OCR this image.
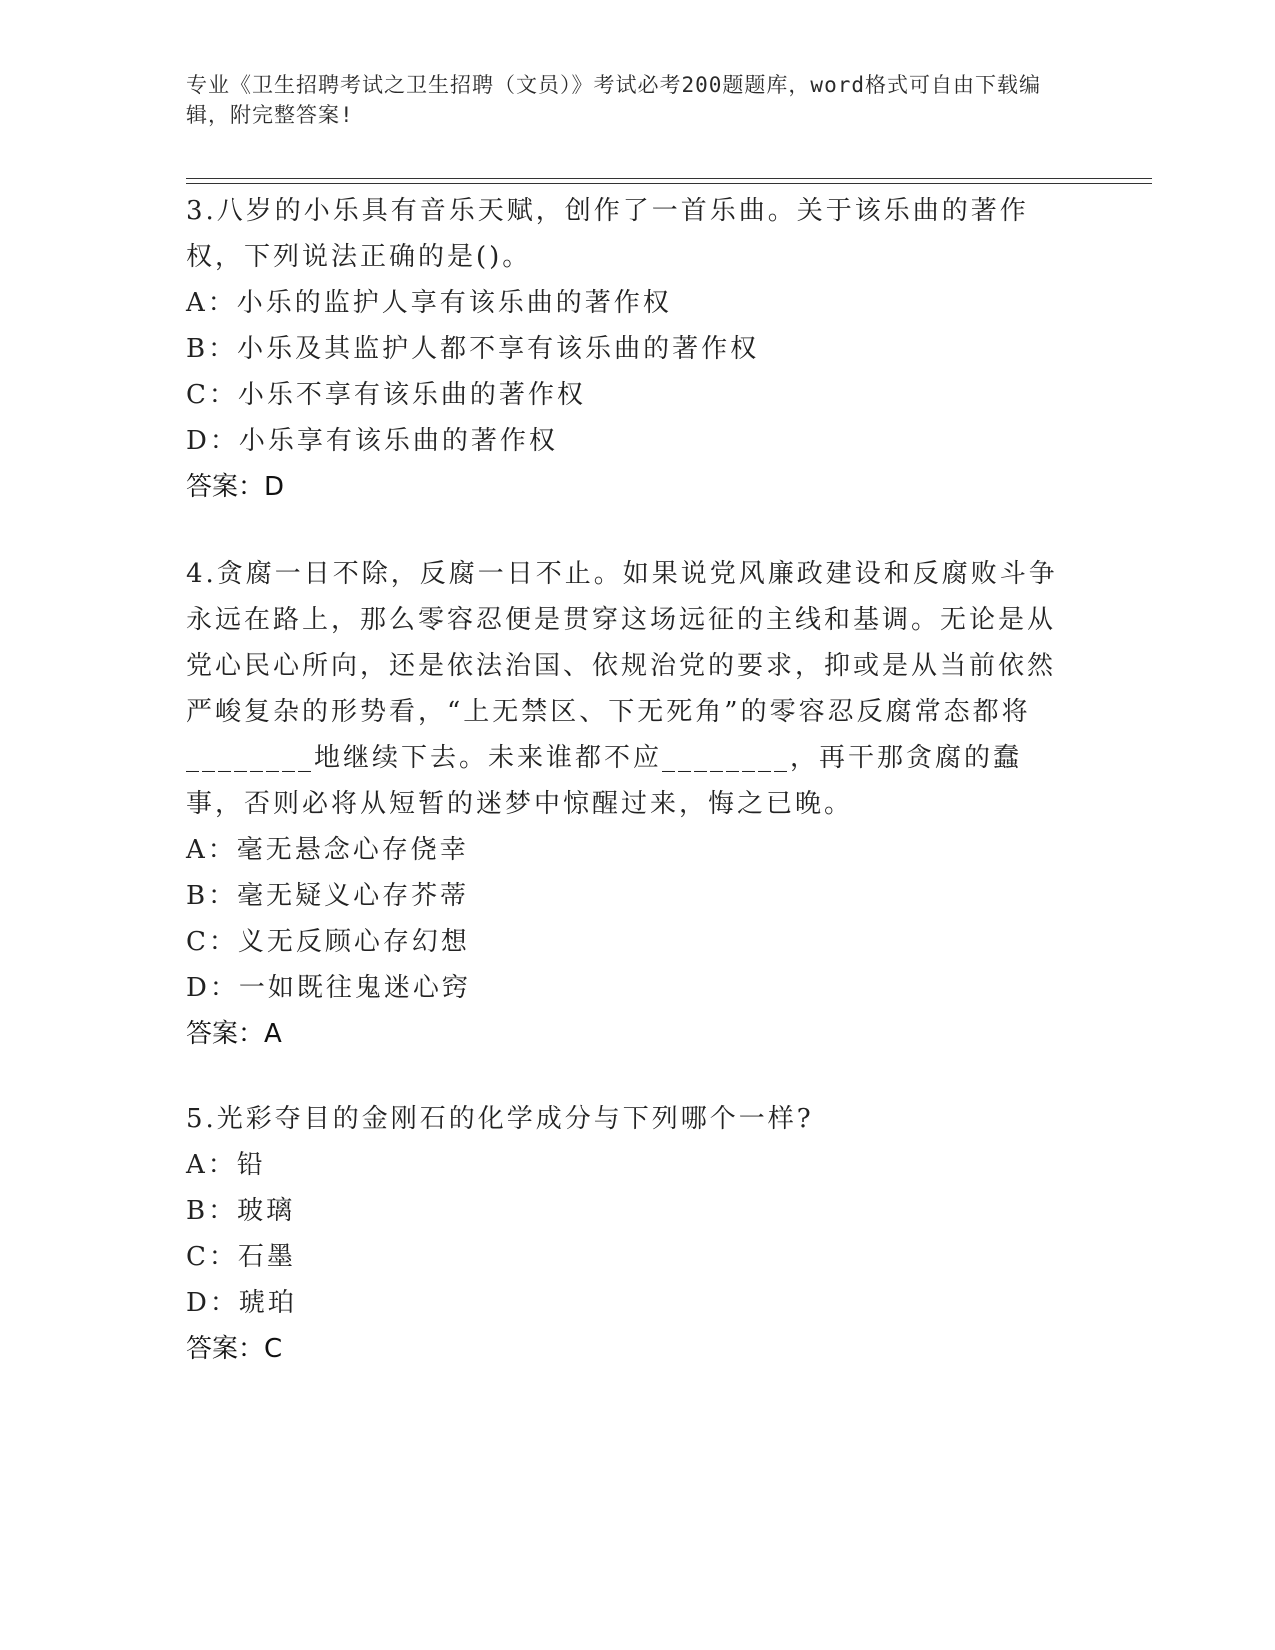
专业《卫生招聘考试之卫生招聘（文员）》考试必考200题题库，word格式可自由下载编辑，附完整答案!

3.八岁的小乐具有音乐天赋，创作了一首乐曲。关于该乐曲的著作权，下列说法正确的是()。

A：小乐的监护人享有该乐曲的著作权
B：小乐及其监护人都不享有该乐曲的著作权
C：小乐不享有该乐曲的著作权
D：小乐享有该乐曲的著作权
答案：D

4.贪腐一日不除，反腐一日不止。如果说党风廉政建设和反腐败斗争永远在路上，那么零容忍便是贯穿这场远征的主线和基调。无论是从党心民心所向，还是依法治国、依规治党的要求，抑或是从当前依然严峻复杂的形势看，“上无禁区、下无死角”的零容忍反腐常态都将________地继续下去。未来谁都不应________，再干那贪腐的蠢事，否则必将从短暂的迷梦中惊醒过来，悔之已晚。

A：毫无悬念心存侥幸
B：毫无疑义心存芥蒂
C：义无反顾心存幻想
D：一如既往鬼迷心窍
答案：A

5.光彩夺目的金刚石的化学成分与下列哪个一样?

A：铅
B：玻璃
C：石墨
D：琥珀
答案：C
